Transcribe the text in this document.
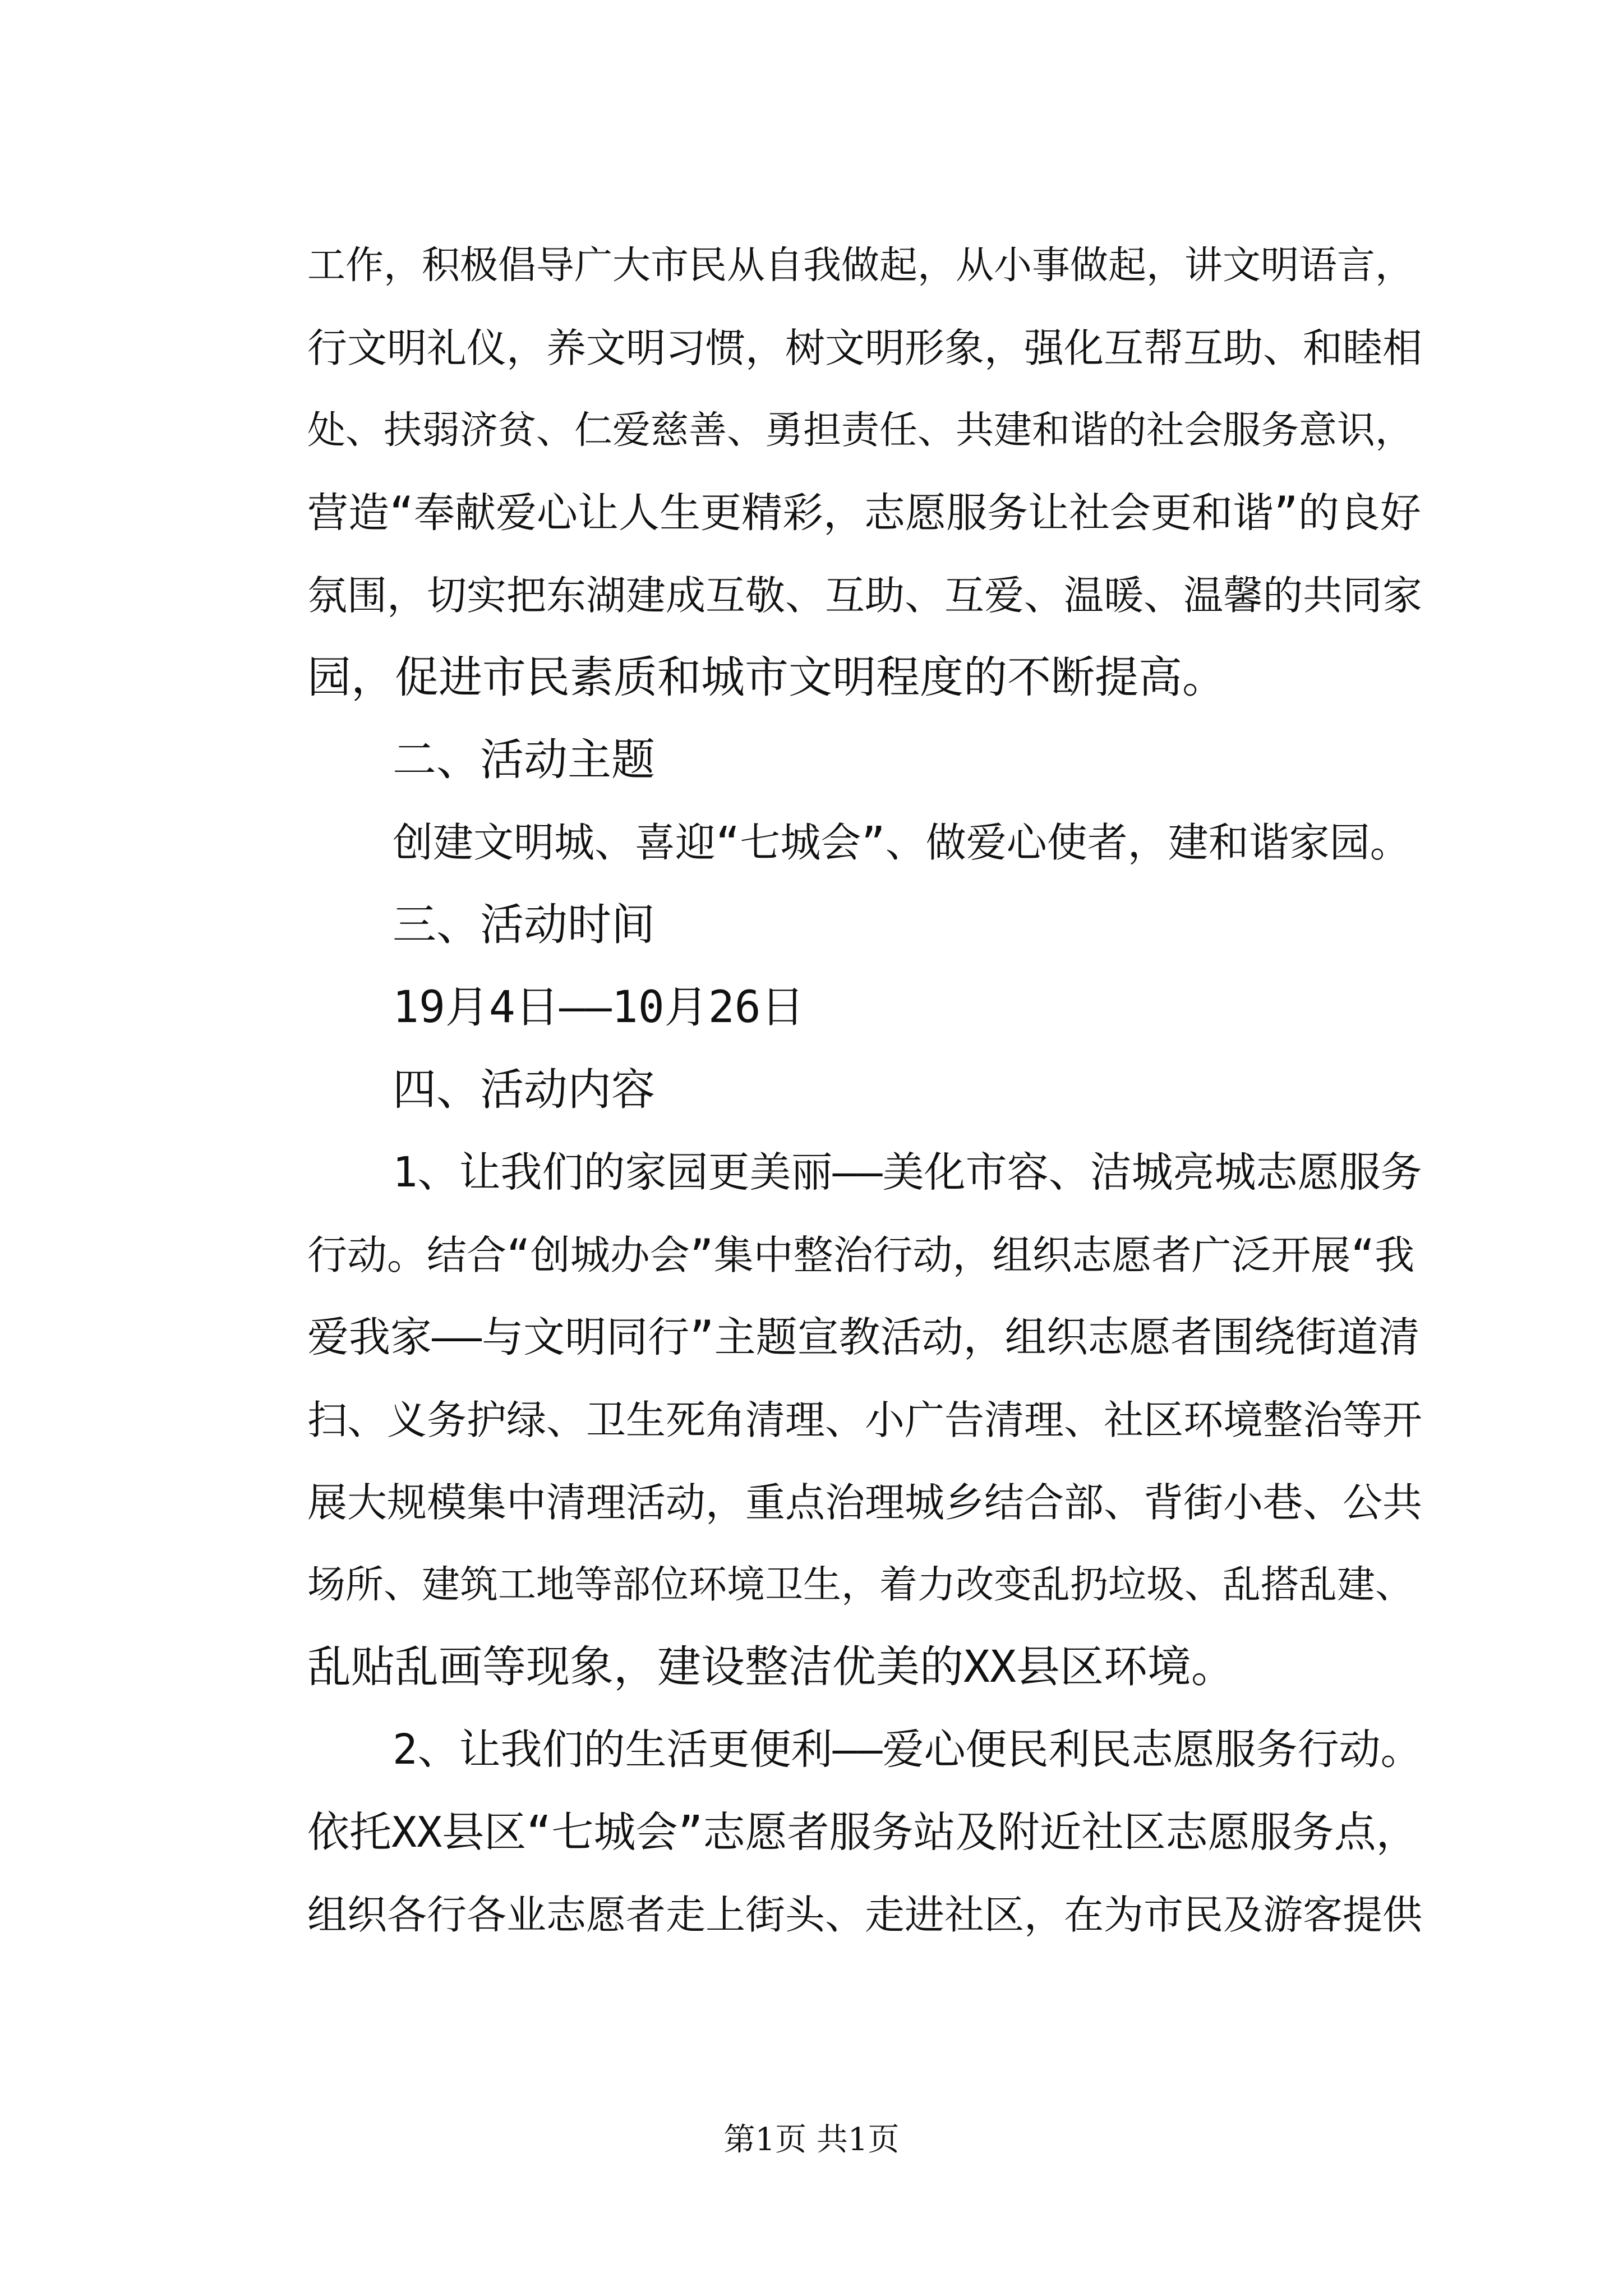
工作，积极倡导广大市民从自我做起，从小事做起，讲文明语言，
行文明礼仪，养文明习惯，树文明形象，强化互帮互助、和睦相
处、扶弱济贫、仁爱慈善、勇担责任、共建和谐的社会服务意识，
营造“奉献爱心让人生更精彩，志愿服务让社会更和谐”的良好
氛围，切实把东湖建成互敬、互助、互爱、温暖、温馨的共同家
园，促进市民素质和城市文明程度的不断提高。
二、活动主题
创建文明城、喜迎“七城会”、做爱心使者，建和谐家园。
三、活动时间
19月4日——10月26日
四、活动内容
1、让我们的家园更美丽——美化市容、洁城亮城志愿服务
行动。结合“创城办会”集中整治行动，组织志愿者广泛开展“我
爱我家——与文明同行”主题宣教活动，组织志愿者围绕街道清
扫、义务护绿、卫生死角清理、小广告清理、社区环境整治等开
展大规模集中清理活动，重点治理城乡结合部、背街小巷、公共
场所、建筑工地等部位环境卫生，着力改变乱扔垃圾、乱搭乱建、
乱贴乱画等现象，建设整洁优美的XX县区环境。
2、让我们的生活更便利——爱心便民利民志愿服务行动。
依托XX县区“七城会”志愿者服务站及附近社区志愿服务点，
组织各行各业志愿者走上街头、走进社区，在为市民及游客提供
第1页 共1页
